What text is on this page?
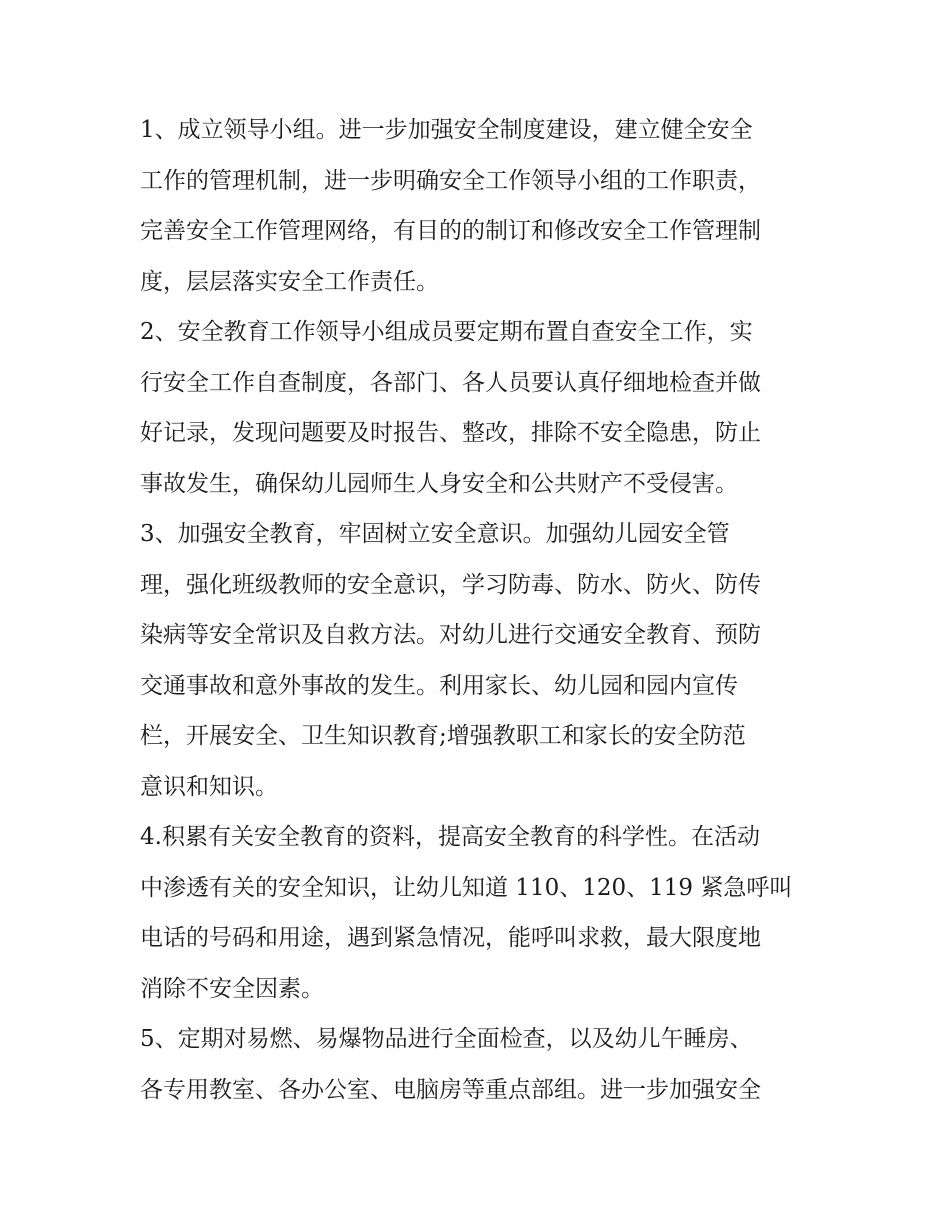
1、成立领导小组。进一步加强安全制度建设，建立健全安全
工作的管理机制，进一步明确安全工作领导小组的工作职责，
完善安全工作管理网络，有目的的制订和修改安全工作管理制
度，层层落实安全工作责任。
2、安全教育工作领导小组成员要定期布置自查安全工作，实
行安全工作自查制度，各部门、各人员要认真仔细地检查并做
好记录，发现问题要及时报告、整改，排除不安全隐患，防止
事故发生，确保幼儿园师生人身安全和公共财产不受侵害。
3、加强安全教育，牢固树立安全意识。加强幼儿园安全管
理，强化班级教师的安全意识，学习防毒、防水、防火、防传
染病等安全常识及自救方法。对幼儿进行交通安全教育、预防
交通事故和意外事故的发生。利用家长、幼儿园和园内宣传
栏，开展安全、卫生知识教育;增强教职工和家长的安全防范
意识和知识。
4.积累有关安全教育的资料，提高安全教育的科学性。在活动
中渗透有关的安全知识，让幼儿知道 110、120、119 紧急呼叫
电话的号码和用途，遇到紧急情况，能呼叫求救，最大限度地
消除不安全因素。
5、定期对易燃、易爆物品进行全面检查，以及幼儿午睡房、
各专用教室、各办公室、电脑房等重点部组。进一步加强安全
